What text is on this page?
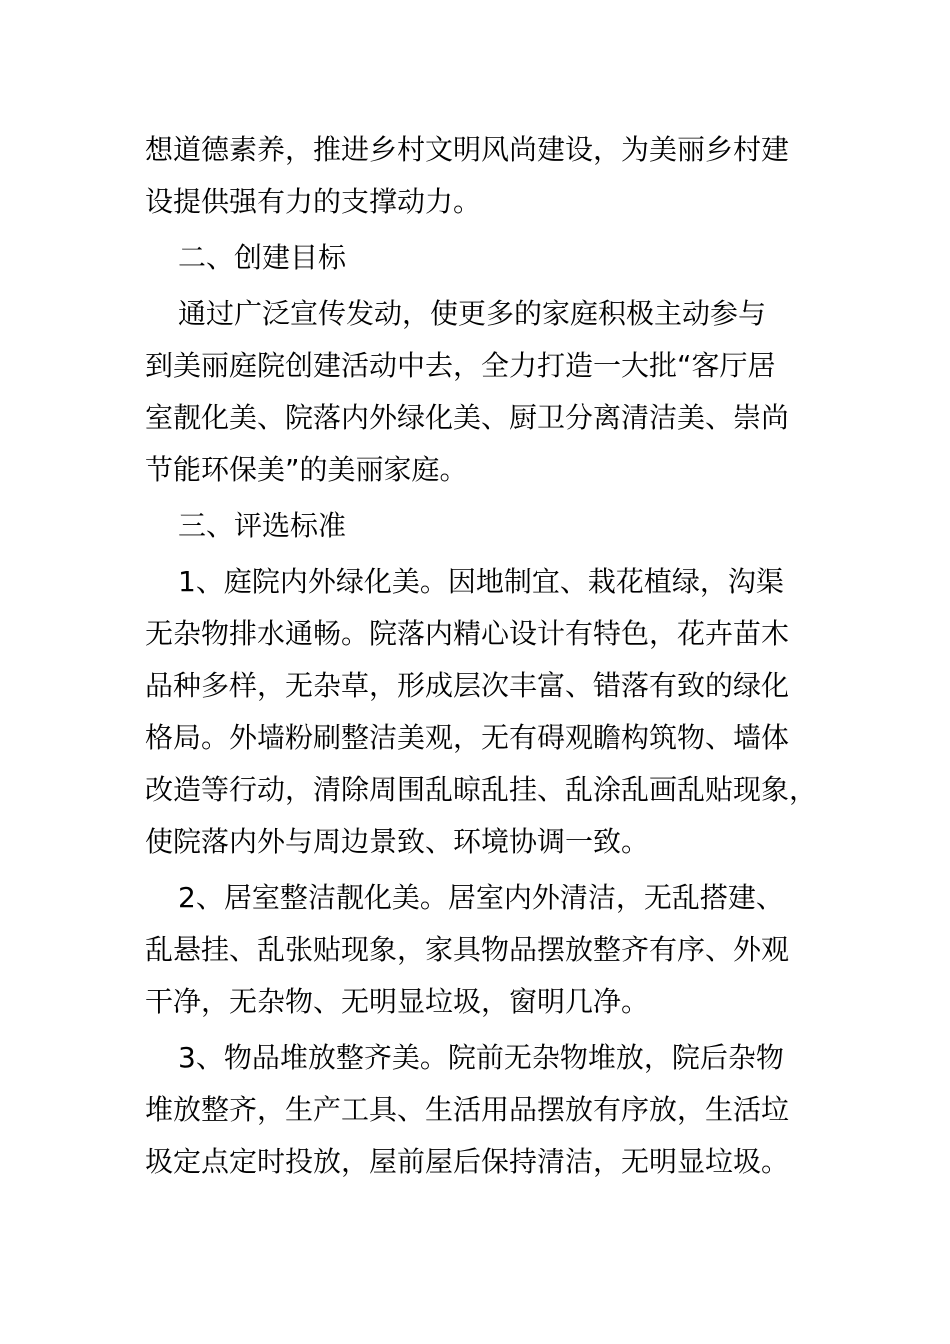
想道德素养，推进乡村文明风尚建设，为美丽乡村建
设提供强有力的支撑动力。
二、创建目标
通过广泛宣传发动，使更多的家庭积极主动参与
到美丽庭院创建活动中去，全力打造一大批“客厅居
室靓化美、院落内外绿化美、厨卫分离清洁美、崇尚
节能环保美”的美丽家庭。
三、评选标准
1、庭院内外绿化美。因地制宜、栽花植绿，沟渠
无杂物排水通畅。院落内精心设计有特色，花卉苗木
品种多样，无杂草，形成层次丰富、错落有致的绿化
格局。外墙粉刷整洁美观，无有碍观瞻构筑物、墙体
改造等行动，清除周围乱晾乱挂、乱涂乱画乱贴现象，
使院落内外与周边景致、环境协调一致。
2、居室整洁靓化美。居室内外清洁，无乱搭建、
乱悬挂、乱张贴现象，家具物品摆放整齐有序、外观
干净，无杂物、无明显垃圾，窗明几净。
3、物品堆放整齐美。院前无杂物堆放，院后杂物
堆放整齐，生产工具、生活用品摆放有序放，生活垃
圾定点定时投放，屋前屋后保持清洁，无明显垃圾。
